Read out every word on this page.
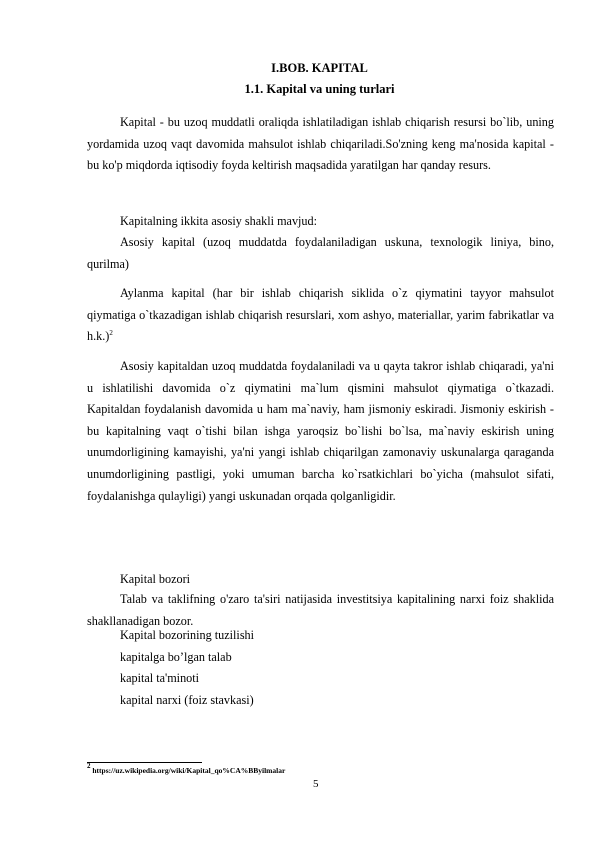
I.BOB. KAPITAL
1.1. Kapital va uning turlari

Kapital - bu uzoq muddatli oraliqda ishlatiladigan ishlab chiqarish resursi bo`lib, uning yordamida uzoq vaqt davomida mahsulot ishlab chiqariladi.So'zning keng ma'nosida kapital - bu ko'p miqdorda iqtisodiy foyda keltirish maqsadida yaratilgan har qanday resurs.

Kapitalning ikkita asosiy shakli mavjud:

Asosiy kapital (uzoq muddatda foydalaniladigan uskuna, texnologik liniya, bino, qurilma)

Aylanma kapital (har bir ishlab chiqarish siklida o`z qiymatini tayyor mahsulot qiymatiga o`tkazadigan ishlab chiqarish resurslari, xom ashyo, materiallar, yarim fabrikatlar va h.k.)$^2$

Asosiy kapitaldan uzoq muddatda foydalaniladi va u qayta takror ishlab chiqaradi, ya'ni u ishlatilishi davomida o`z qiymatini ma`lum qismini mahsulot qiymatiga o`tkazadi. Kapitaldan foydalanish davomida u ham ma`naviy, ham jismoniy eskiradi. Jismoniy eskirish - bu kapitalning vaqt o`tishi bilan ishga yaroqsiz bo`lishi bo`lsa, ma`naviy eskirish uning unumdorligining kamayishi, ya'ni yangi ishlab chiqarilgan zamonaviy uskunalarga qaraganda unumdorligining pastligi, yoki umuman barcha ko`rsatkichlari bo`yicha (mahsulot sifati, foydalanishga qulayligi) yangi uskunadan orqada qolganligidir.

Kapital bozori

Talab va taklifning o'zaro ta'siri natijasida investitsiya kapitalining narxi foiz shaklida shakllanadigan bozor.

Kapital bozorining tuzilishi
kapitalga bo’lgan talab
kapital ta'minoti
kapital narxi (foiz stavkasi)
$^2$ https://uz.wikipedia.org/wiki/Kapital_qo%CA%BByilmalar
5
